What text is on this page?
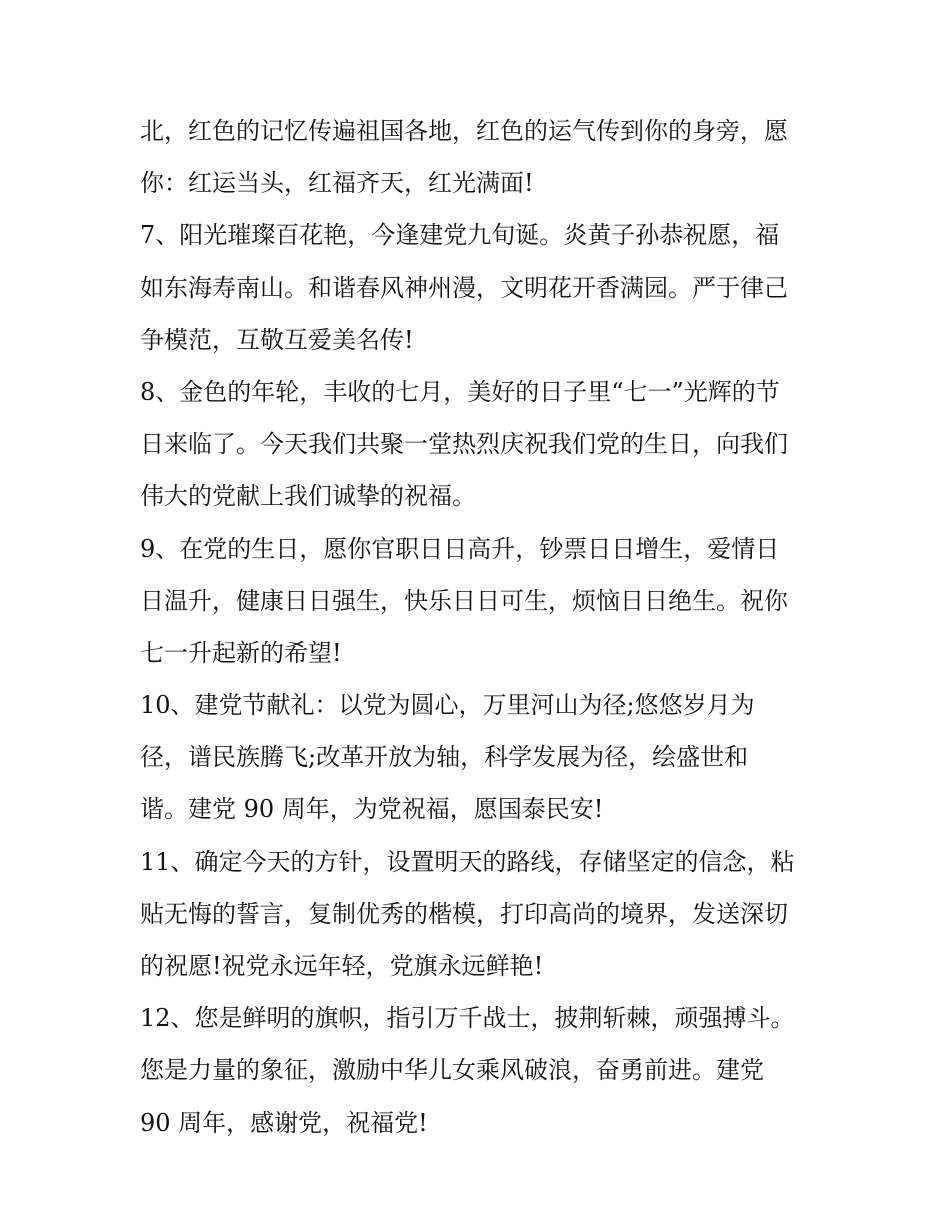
北，红色的记忆传遍祖国各地，红色的运气传到你的身旁，愿
你：红运当头，红福齐天，红光满面!
7、阳光璀璨百花艳，今逢建党九旬诞。炎黄子孙恭祝愿，福
如东海寿南山。和谐春风神州漫，文明花开香满园。严于律己
争模范，互敬互爱美名传!
8、金色的年轮，丰收的七月，美好的日子里“七一”光辉的节
日来临了。今天我们共聚一堂热烈庆祝我们党的生日，向我们
伟大的党献上我们诚挚的祝福。
9、在党的生日，愿你官职日日高升，钞票日日增生，爱情日
日温升，健康日日强生，快乐日日可生，烦恼日日绝生。祝你
七一升起新的希望!
10、建党节献礼：以党为圆心，万里河山为径;悠悠岁月为
径，谱民族腾飞;改革开放为轴，科学发展为径，绘盛世和
谐。建党 90 周年，为党祝福，愿国泰民安!
11、确定今天的方针，设置明天的路线，存储坚定的信念，粘
贴无悔的誓言，复制优秀的楷模，打印高尚的境界，发送深切
的祝愿!祝党永远年轻，党旗永远鲜艳!
12、您是鲜明的旗帜，指引万千战士，披荆斩棘，顽强搏斗。
您是力量的象征，激励中华儿女乘风破浪，奋勇前进。建党
90 周年，感谢党，祝福党!
